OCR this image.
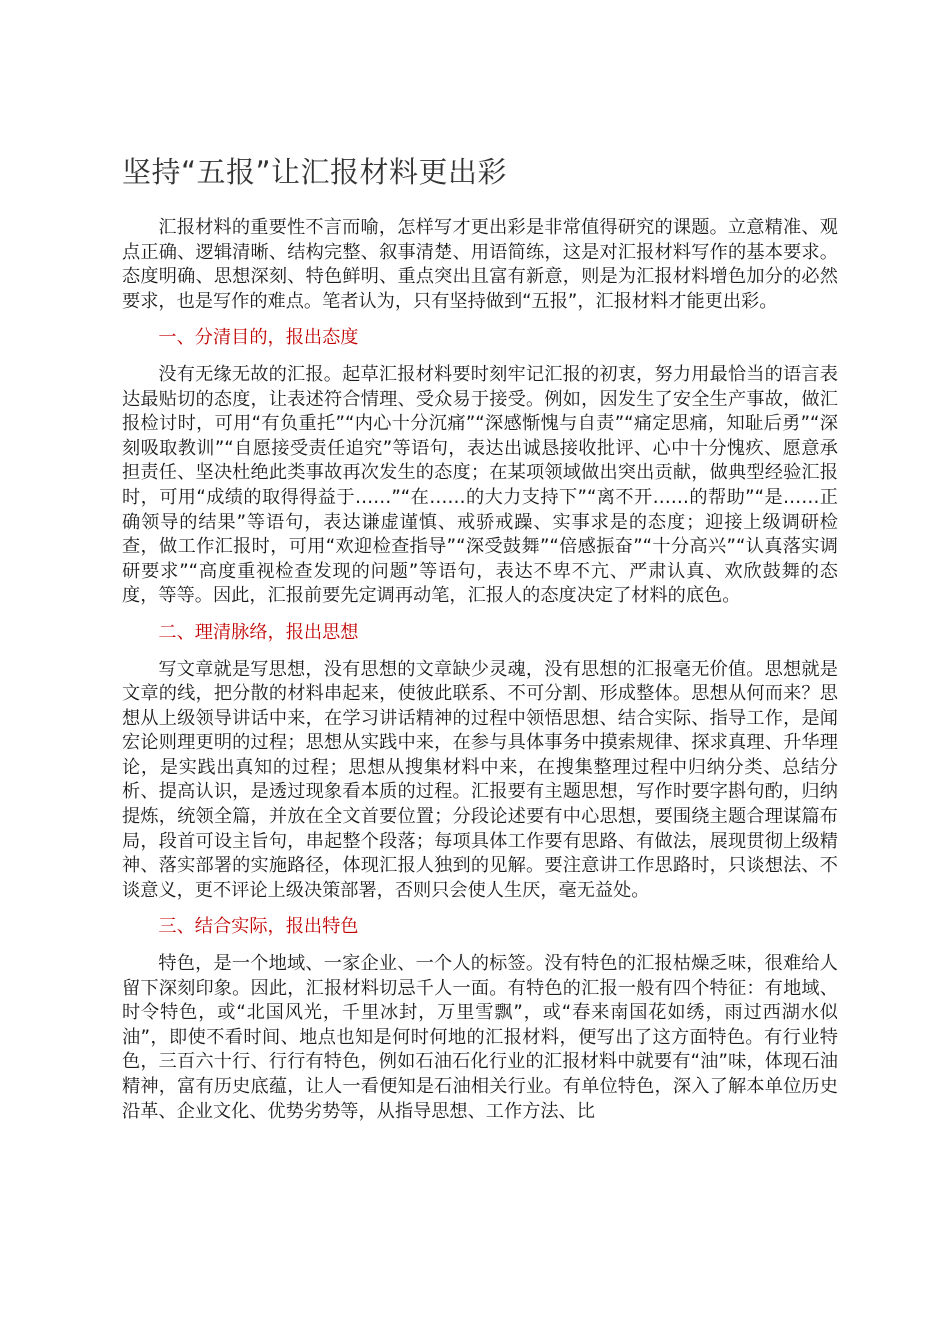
坚持“五报”让汇报材料更出彩

汇报材料的重要性不言而喻，怎样写才更出彩是非常值得研究的课题。立意精准、观点正确、逻辑清晰、结构完整、叙事清楚、用语简练，这是对汇报材料写作的基本要求。态度明确、思想深刻、特色鲜明、重点突出且富有新意，则是为汇报材料增色加分的必然要求，也是写作的难点。笔者认为，只有坚持做到“五报”，汇报材料才能更出彩。

一、分清目的，报出态度

没有无缘无故的汇报。起草汇报材料要时刻牢记汇报的初衷，努力用最恰当的语言表达最贴切的态度，让表述符合情理、受众易于接受。例如，因发生了安全生产事故，做汇报检讨时，可用“有负重托”“内心十分沉痛”“深感惭愧与自责”“痛定思痛，知耻后勇”“深刻吸取教训”“自愿接受责任追究”等语句，表达出诚恳接收批评、心中十分愧疚、愿意承担责任、坚决杜绝此类事故再次发生的态度；在某项领域做出突出贡献，做典型经验汇报时，可用“成绩的取得得益于……”“在……的大力支持下”“离不开……的帮助”“是……正确领导的结果”等语句，表达谦虚谨慎、戒骄戒躁、实事求是的态度；迎接上级调研检查，做工作汇报时，可用“欢迎检查指导”“深受鼓舞”“倍感振奋”“十分高兴”“认真落实调研要求”“高度重视检查发现的问题”等语句，表达不卑不亢、严肃认真、欢欣鼓舞的态度，等等。因此，汇报前要先定调再动笔，汇报人的态度决定了材料的底色。

二、理清脉络，报出思想

写文章就是写思想，没有思想的文章缺少灵魂，没有思想的汇报毫无价值。思想就是文章的线，把分散的材料串起来，使彼此联系、不可分割、形成整体。思想从何而来？思想从上级领导讲话中来，在学习讲话精神的过程中领悟思想、结合实际、指导工作，是闻宏论则理更明的过程；思想从实践中来，在参与具体事务中摸索规律、探求真理、升华理论，是实践出真知的过程；思想从搜集材料中来，在搜集整理过程中归纳分类、总结分析、提高认识，是透过现象看本质的过程。汇报要有主题思想，写作时要字斟句酌，归纳提炼，统领全篇，并放在全文首要位置；分段论述要有中心思想，要围绕主题合理谋篇布局，段首可设主旨句，串起整个段落；每项具体工作要有思路、有做法，展现贯彻上级精神、落实部署的实施路径，体现汇报人独到的见解。要注意讲工作思路时，只谈想法、不谈意义，更不评论上级决策部署，否则只会使人生厌，毫无益处。

三、结合实际，报出特色

特色，是一个地域、一家企业、一个人的标签。没有特色的汇报枯燥乏味，很难给人留下深刻印象。因此，汇报材料切忌千人一面。有特色的汇报一般有四个特征：有地域、时令特色，或“北国风光，千里冰封，万里雪飘”，或“春来南国花如绣，雨过西湖水似油”，即使不看时间、地点也知是何时何地的汇报材料，便写出了这方面特色。有行业特色，三百六十行、行行有特色，例如石油石化行业的汇报材料中就要有“油”味，体现石油精神，富有历史底蕴，让人一看便知是石油相关行业。有单位特色，深入了解本单位历史沿革、企业文化、优势劣势等，从指导思想、工作方法、比
